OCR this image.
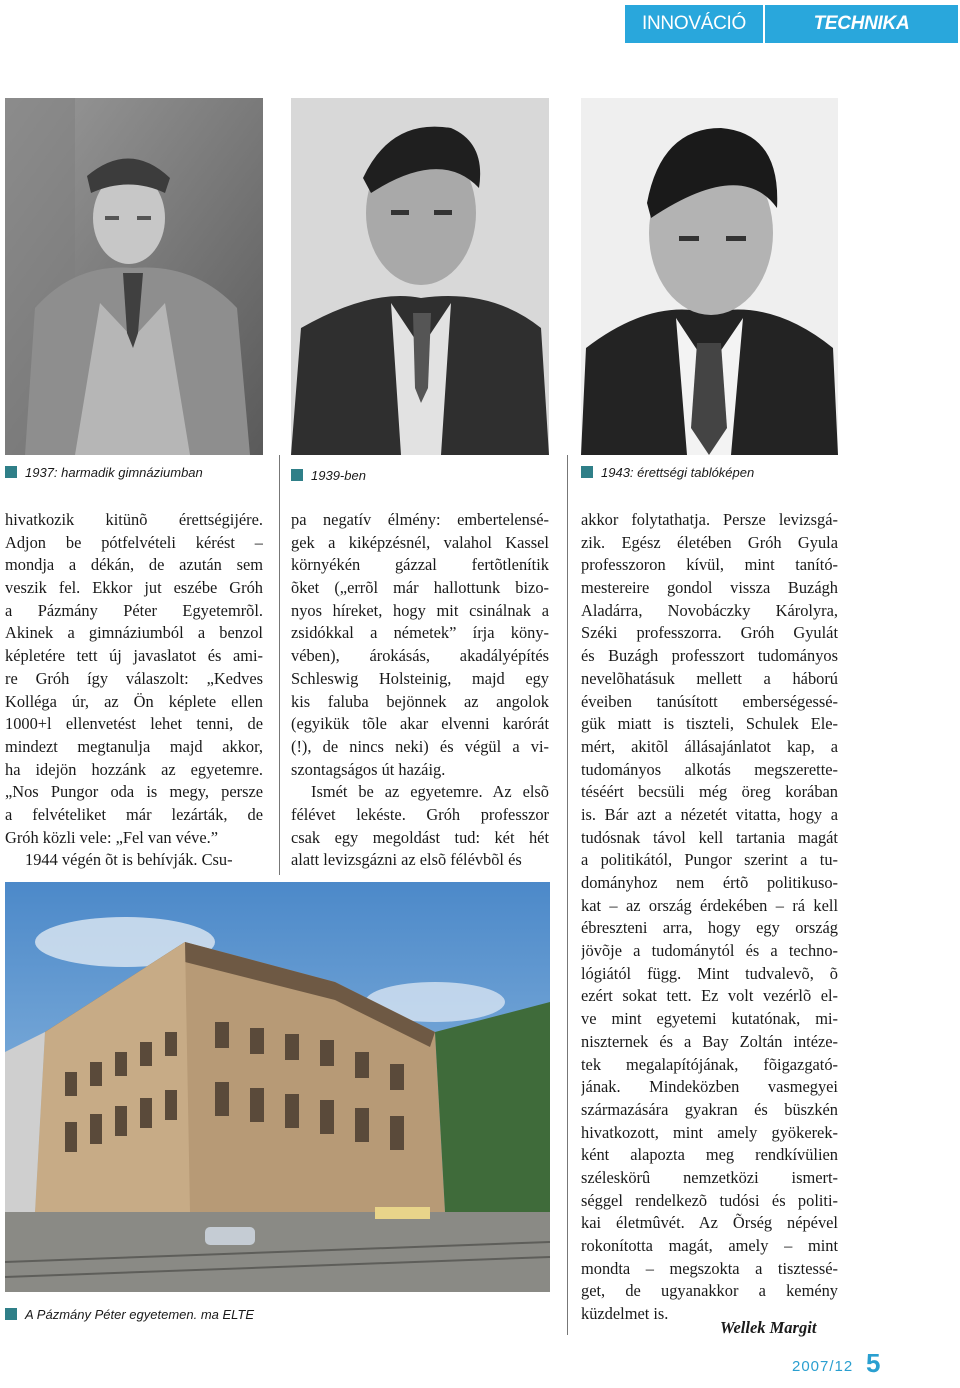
INNOVÁCIÓ	TECHNIKA
1937: harmadik gimnáziumban	1939-ben	1943: érettségi tablóképen
hivatkozik kitünõ érettségijére.
Adjon be pótfelvételi kérést –
mondja a dékán, de azután sem
veszik fel. Ekkor jut eszébe Gróh
a Pázmány Péter Egyetemrõl.
Akinek a gimnáziumból a benzol
képletére tett új javaslatot és ami-
re Gróh így válaszolt: „Kedves
Kolléga úr, az Ön képlete ellen
1000+l ellenvetést lehet tenni, de
mindezt megtanulja majd akkor,
ha idejön hozzánk az egyetemre.
„Nos Pungor oda is megy, persze
a felvételiket már lezárták, de
Gróh közli vele: „Fel van véve.”
1944 végén õt is behívják. Csu-
pa negatív élmény: embertelensé-
gek a kiképzésnél, valahol Kassel
környékén gázzal fertõtlenítik
õket („errõl már hallottunk bizo-
nyos híreket, hogy mit csinálnak a
zsidókkal a németek” írja köny-
vében), árokásás, akadályépítés
Schleswig Holsteinig, majd egy
kis faluba bejönnek az angolok
(egyikük tõle akar elvenni karórát
(!), de nincs neki) és végül a vi-
szontagságos út hazáig.
Ismét be az egyetemre. Az elsõ
félévet lekéste. Gróh professzor
csak egy megoldást tud: két hét
alatt levizsgázni az elsõ félévbõl és
akkor folytathatja. Persze levizsgá-
zik. Egész életében Gróh Gyula
professzoron kívül, mint tanító-
mestereire gondol vissza Buzágh
Aladárra, Novobáczky Károlyra,
Széki professzorra. Gróh Gyulát
és Buzágh professzort tudományos
nevelõhatásuk mellett a háború
éveiben tanúsított emberségessé-
gük miatt is tiszteli, Schulek Ele-
mért, akitõl állásajánlatot kap, a
tudományos alkotás megszerette-
téséért becsüli még öreg korában
is. Bár azt a nézetét vitatta, hogy a
tudósnak távol kell tartania magát
a politikától, Pungor szerint a tu-
dományhoz nem értõ politikuso-
kat – az ország érdekében – rá kell
ébreszteni arra, hogy egy ország
jövõje a tudománytól és a techno-
lógiától függ. Mint tudvalevõ, õ
ezért sokat tett. Ez volt vezérlõ el-
ve mint egyetemi kutatónak, mi-
niszternek és a Bay Zoltán intéze-
tek megalapítójának, fõigazgató-
jának. Mindeközben vasmegyei
származására gyakran és büszkén
hivatkozott, mint amely gyökerek-
ként alapozta meg rendkívülien
széleskörû nemzetközi ismert-
séggel rendelkezõ tudósi és politi-
kai életmûvét. Az Õrség népével
rokonította magát, amely – mint
mondta – megszokta a tisztessé-
get, de ugyanakkor a kemény
küzdelmet is.
A Pázmány Péter egyetemen. ma ELTE
Wellek Margit
2007/12 5
